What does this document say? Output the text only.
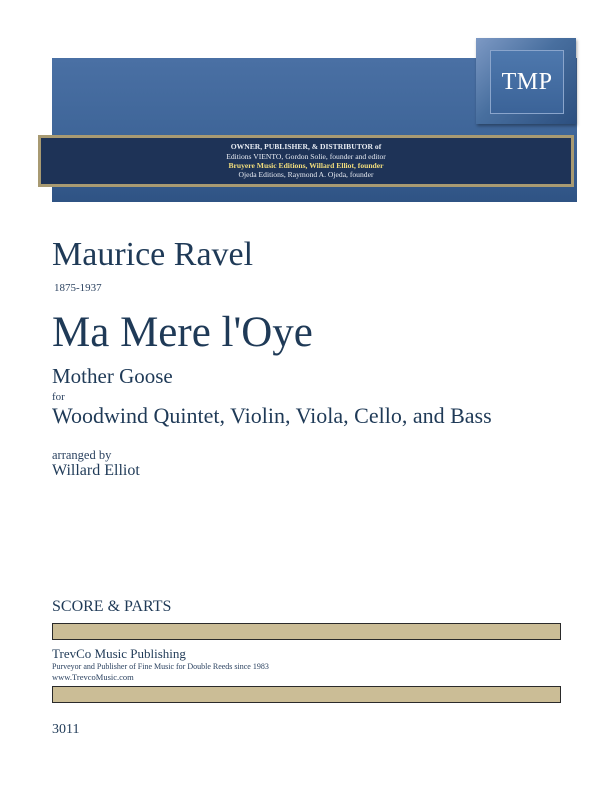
TMP
OWNER, PUBLISHER, & DISTRIBUTOR of
Editions VIENTO, Gordon Solie, founder and editor
Bruyere Music Editions, Willard Elliot, founder
Ojeda Editions, Raymond A. Ojeda, founder
Maurice Ravel
1875-1937
Ma Mere l'Oye
Mother Goose
for
Woodwind Quintet, Violin, Viola, Cello, and Bass
arranged by
Willard Elliot
SCORE & PARTS
TrevCo Music Publishing
Purveyor and Publisher of Fine Music for Double Reeds since 1983
www.TrevcoMusic.com
3011
